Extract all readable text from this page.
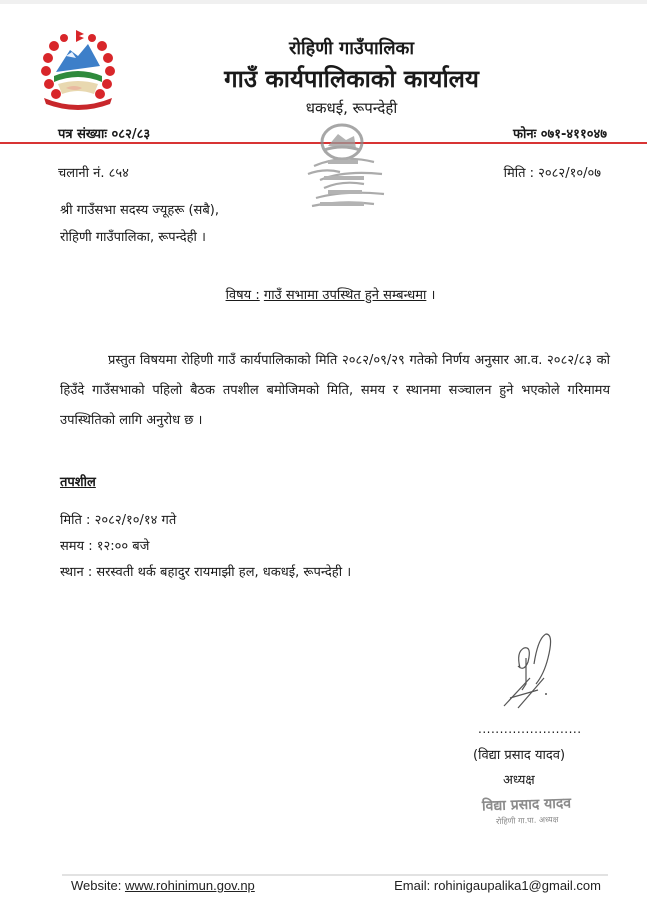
रोहिणी गाउँपालिका
गाउँ कार्यपालिकाको कार्यालय
धकधई, रूपन्देही
पत्र संख्याः ०८२/८३	फोनः ०७१-४११०४७
चलानी नं. ८५४	मिति : २०८२/१०/०७
श्री गाउँसभा सदस्य ज्यूहरू (सबै),
रोहिणी गाउँपालिका, रूपन्देही ।
विषय : गाउँ सभामा उपस्थित हुने सम्बन्धमा ।
प्रस्तुत विषयमा रोहिणी गाउँ कार्यपालिकाको मिति २०८२/०९/२९ गतेको निर्णय अनुसार आ.व. २०८२/८३ को हिउँदे गाउँसभाको पहिलो बैठक तपशील बमोजिमको मिति, समय र स्थानमा सञ्चालन हुने भएकोले गरिमामय उपस्थितिको लागि अनुरोध छ ।
तपशील
मिति : २०८२/१०/१४ गते
समय : १२:०० बजे
स्थान : सरस्वती थर्क बहादुर रायमाझी हल, धकधई, रूपन्देही ।
........................
(विद्या प्रसाद यादव)
अध्यक्ष
विद्या प्रसाद यादव
रोहिणी गा.पा. अध्यक्ष
Website: www.rohinimun.gov.np	Email: rohinigaupalika1@gmail.com
